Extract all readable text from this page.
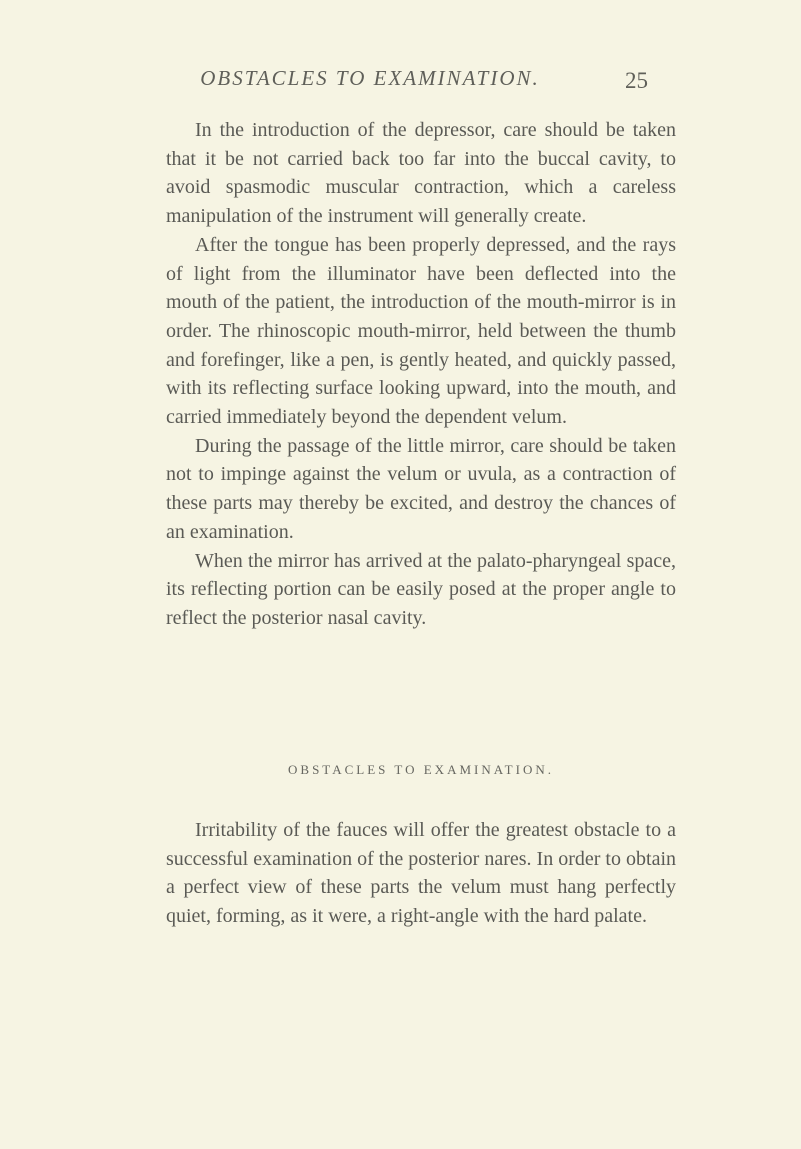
OBSTACLES TO EXAMINATION.	25

In the introduction of the depressor, care should be taken that it be not carried back too far into the buccal cavity, to avoid spasmodic muscular contraction, which a careless manipulation of the instrument will generally create.

After the tongue has been properly depressed, and the rays of light from the illuminator have been deflected into the mouth of the patient, the introduction of the mouth-mirror is in order. The rhinoscopic mouth-mirror, held between the thumb and forefinger, like a pen, is gently heated, and quickly passed, with its reflecting surface looking upward, into the mouth, and carried immediately beyond the dependent velum.

During the passage of the little mirror, care should be taken not to impinge against the velum or uvula, as a contraction of these parts may thereby be excited, and destroy the chances of an examination.

When the mirror has arrived at the palato-pharyngeal space, its reflecting portion can be easily posed at the proper angle to reflect the posterior nasal cavity.

OBSTACLES TO EXAMINATION.

Irritability of the fauces will offer the greatest obstacle to a successful examination of the posterior nares. In order to obtain a perfect view of these parts the velum must hang perfectly quiet, forming, as it were, a right-angle with the hard palate.
